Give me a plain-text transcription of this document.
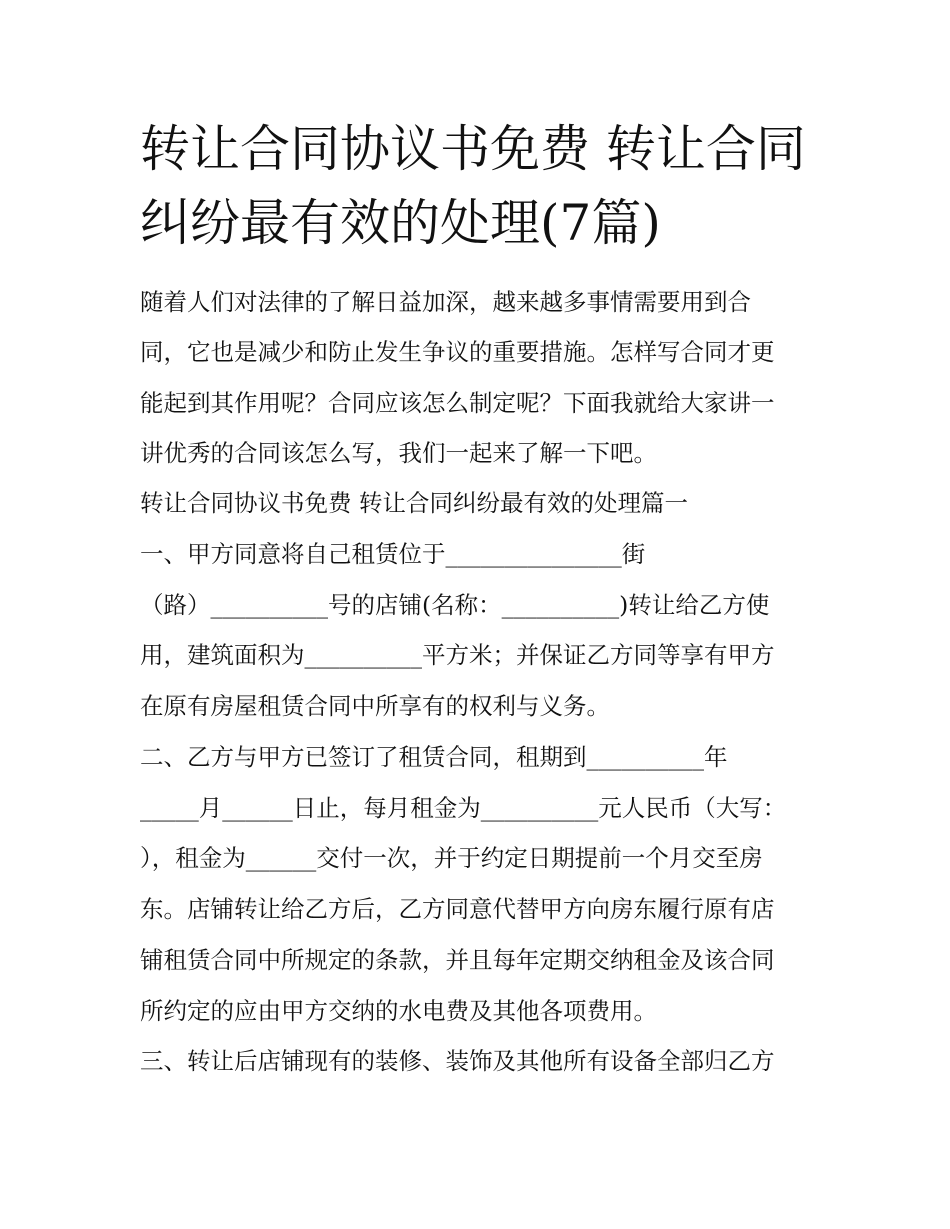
转让合同协议书免费 转让合同
纠纷最有效的处理(7篇)

随着人们对法律的了解日益加深，越来越多事情需要用到合

同，它也是减少和防止发生争议的重要措施。怎样写合同才更

能起到其作用呢？合同应该怎么制定呢？下面我就给大家讲一

讲优秀的合同该怎么写，我们一起来了解一下吧。

转让合同协议书免费 转让合同纠纷最有效的处理篇一

一、甲方同意将自己租赁位于_______________街

（路）__________号的店铺(名称：__________)转让给乙方使

用，建筑面积为__________平方米；并保证乙方同等享有甲方

在原有房屋租赁合同中所享有的权利与义务。

二、乙方与甲方已签订了租赁合同，租期到__________年

_____月______日止，每月租金为__________元人民币（大写：

），租金为______交付一次，并于约定日期提前一个月交至房

东。店铺转让给乙方后，乙方同意代替甲方向房东履行原有店

铺租赁合同中所规定的条款，并且每年定期交纳租金及该合同

所约定的应由甲方交纳的水电费及其他各项费用。

三、转让后店铺现有的装修、装饰及其他所有设备全部归乙方
